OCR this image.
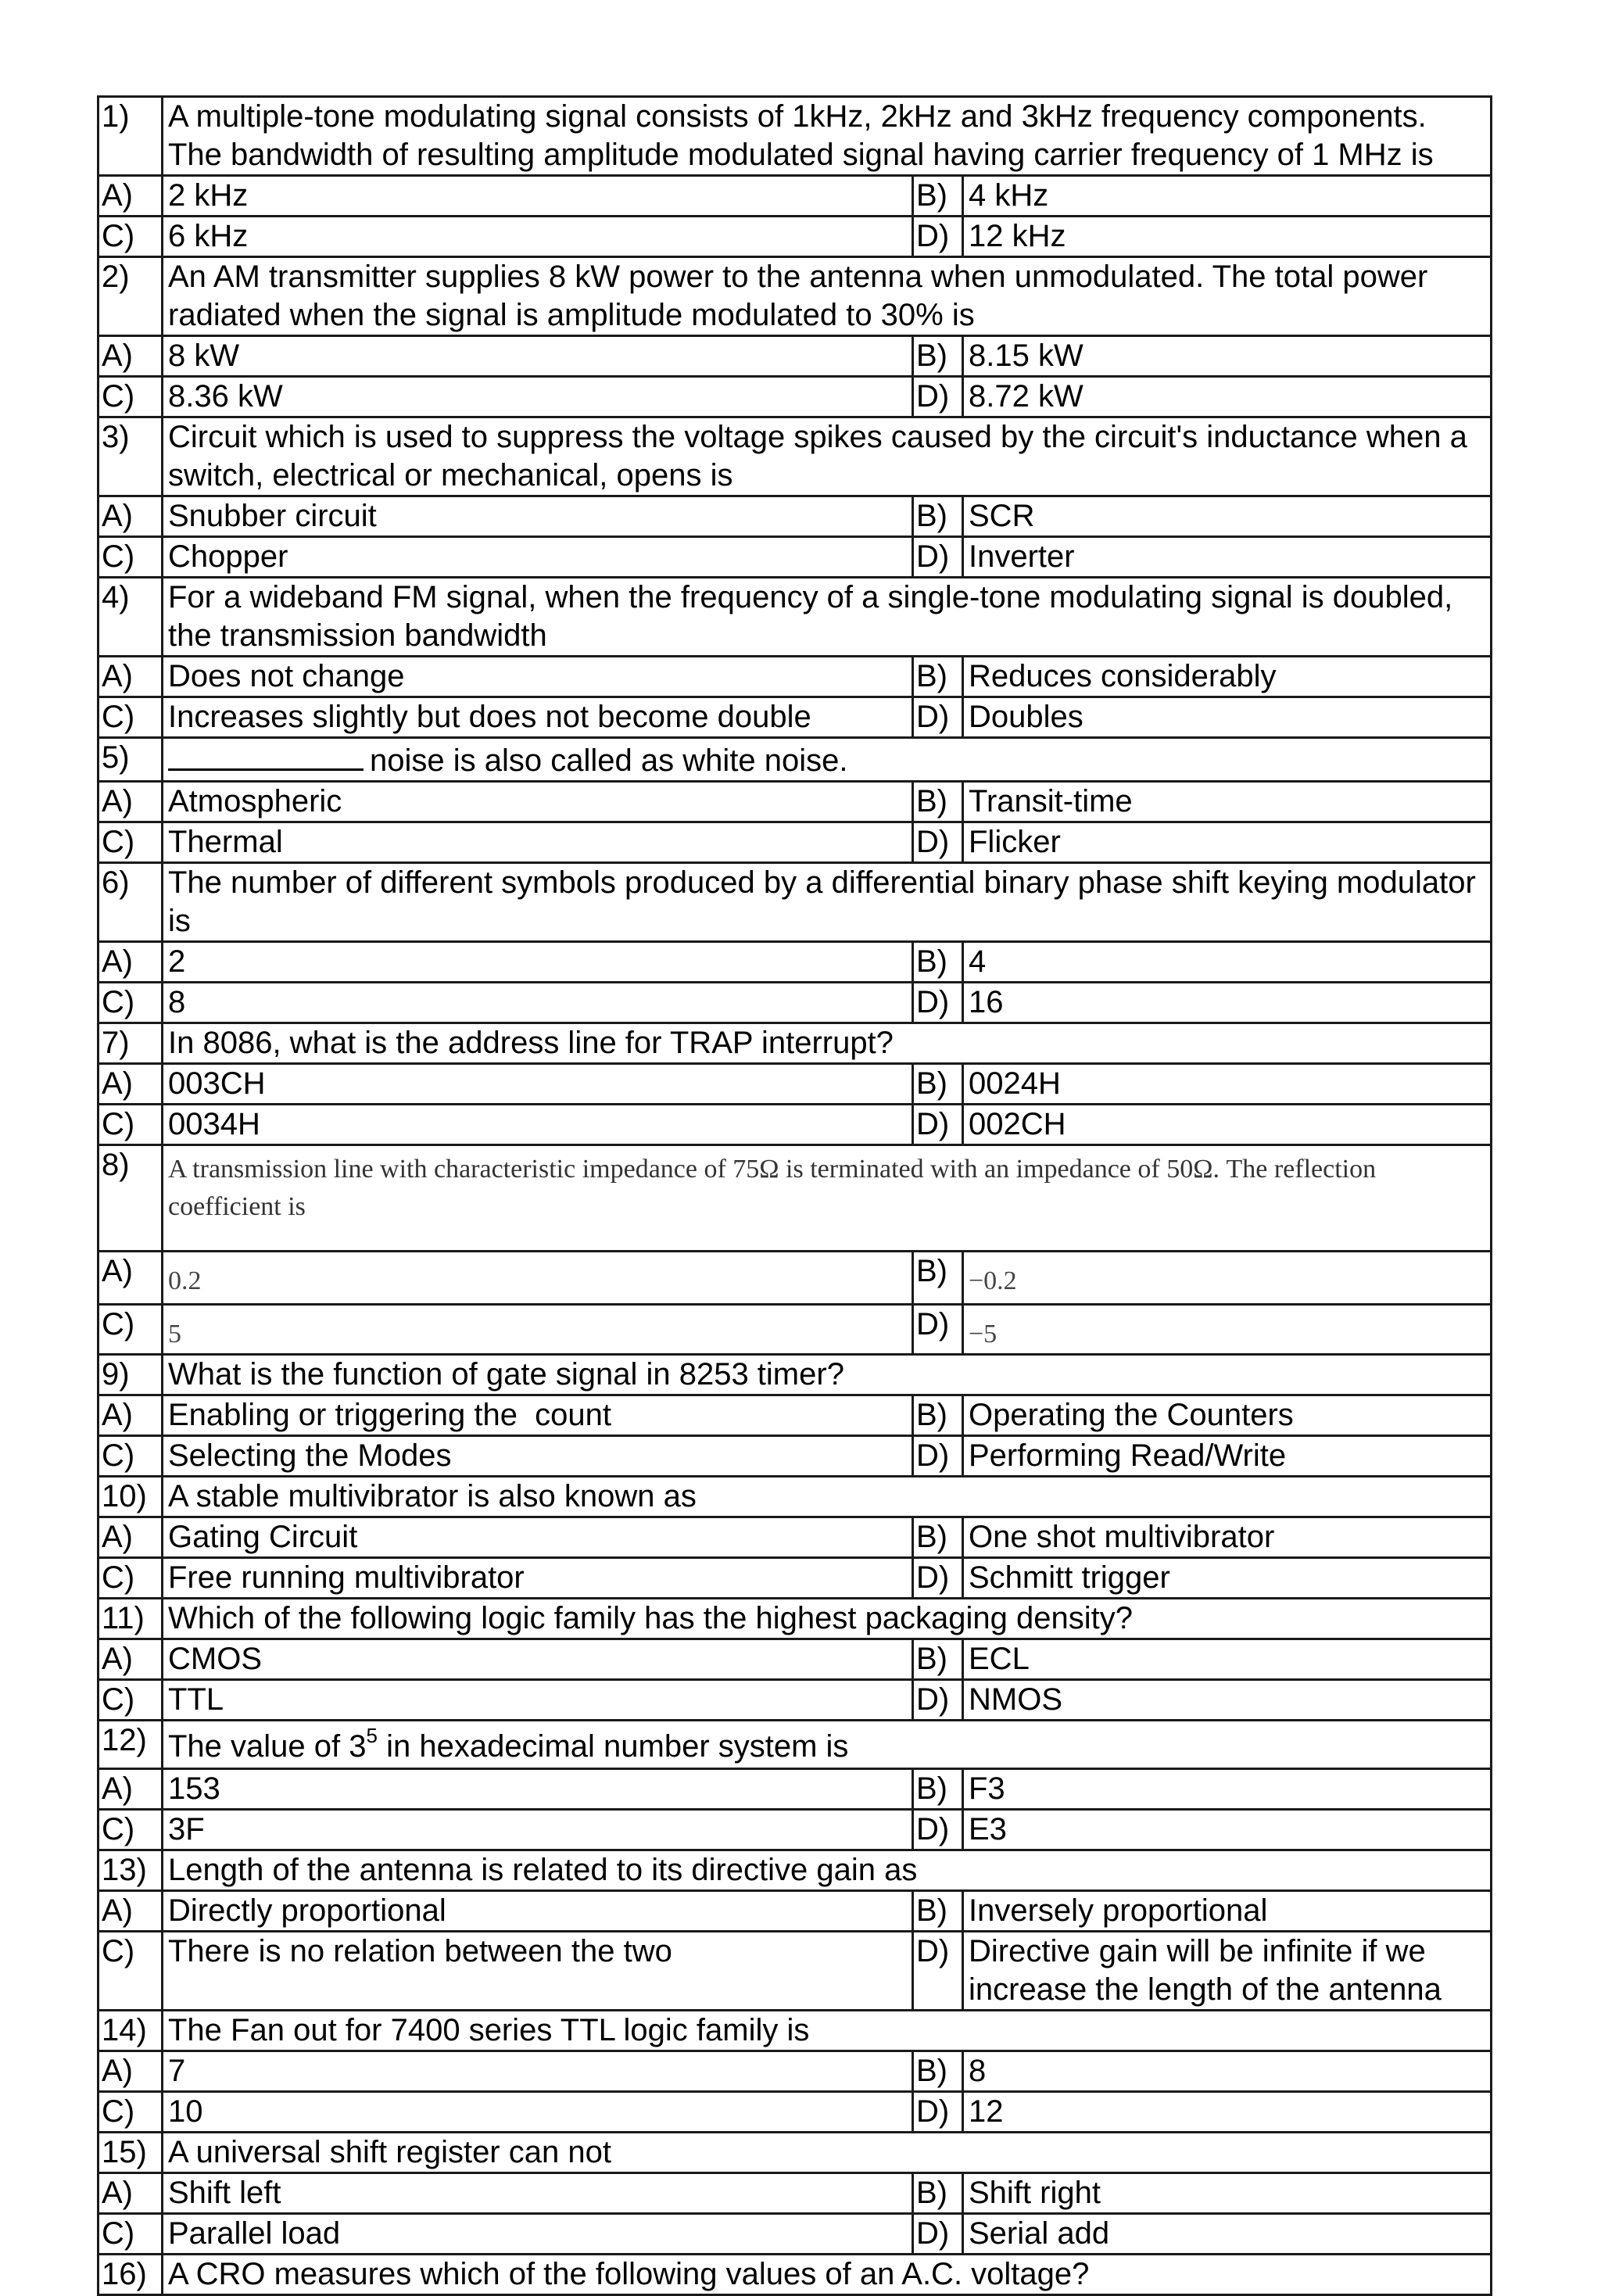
1)	A multiple-tone modulating signal consists of 1kHz, 2kHz and 3kHz frequency components. The bandwidth of resulting amplitude modulated signal having carrier frequency of 1 MHz is		
A)	2 kHz	B)	4 kHz
C)	6 kHz	D)	12 kHz
2)	An AM transmitter supplies 8 kW power to the antenna when unmodulated. The total power radiated when the signal is amplitude modulated to 30% is		
A)	8 kW	B)	8.15 kW
C)	8.36 kW	D)	8.72 kW
3)	Circuit which is used to suppress the voltage spikes caused by the circuit's inductance when a switch, electrical or mechanical, opens is		
A)	Snubber circuit	B)	SCR
C)	Chopper	D)	Inverter
4)	For a wideband FM signal, when the frequency of a single-tone modulating signal is doubled, the transmission bandwidth		
A)	Does not change	B)	Reduces considerably
C)	Increases slightly but does not become double	D)	Doubles
5)	noise is also called as white noise.		
A)	Atmospheric	B)	Transit-time
C)	Thermal	D)	Flicker
6)	The number of different symbols produced by a differential binary phase shift keying modulator is		
A)	2	B)	4
C)	8	D)	16
7)	In 8086, what is the address line for TRAP interrupt?		
A)	003CH	B)	0024H
C)	0034H	D)	002CH
8)	A transmission line with characteristic impedance of 75Ω is terminated with an impedance of 50Ω. The reflection coefficient is		

A)	0.2	B)	−0.2

C)	5	D)	−5

9)	What is the function of gate signal in 8253 timer?		
A)	Enabling or triggering the  count	B)	Operating the Counters
C)	Selecting the Modes	D)	Performing Read/Write
10)	A stable multivibrator is also known as		
A)	Gating Circuit	B)	One shot multivibrator
C)	Free running multivibrator	D)	Schmitt trigger
11)	Which of the following logic family has the highest packaging density?		
A)	CMOS	B)	ECL
C)	TTL	D)	NMOS
12)	The value of $3^5$ in hexadecimal number system is		
A)	153	B)	F3
C)	3F	D)	E3
13)	Length of the antenna is related to its directive gain as		
A)	Directly proportional	B)	Inversely proportional
C)	There is no relation between the two	D)	Directive gain will be infinite if we increase the length of the antenna
14)	The Fan out for 7400 series TTL logic family is		
A)	7	B)	8
C)	10	D)	12
15)	A universal shift register can not		
A)	Shift left	B)	Shift right
C)	Parallel load	D)	Serial add
16)	A CRO measures which of the following values of an A.C. voltage?		
